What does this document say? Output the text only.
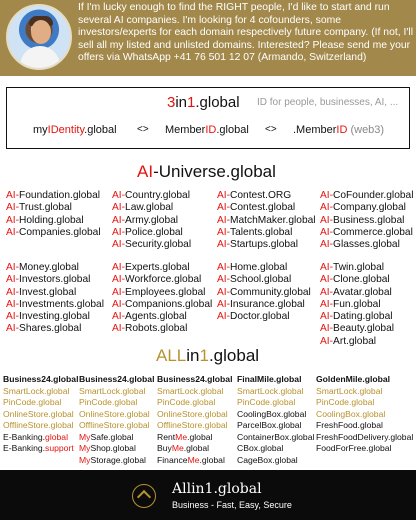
If I'm lucky enough to find the RIGHT people, I'd like to start and run several AI companies. I'm looking for 4 cofounders, some investors/experts for each domain respectively future company. (If not, I'll sell all my listed and unlisted domains. Interested? Please send me your offers via WhatsApp +41 76 501 12 07 (Armando, Switzerland)
3in1.global ID for people, businesses, AI, ...
myIDentity.global <> MemberID.global <> .MemberID (web3)
AI-Universe.global
AI-Foundation.global
AI-Trust.global
AI-Holding.global
AI-Companies.global
AI-Country.global
AI-Law.global
AI-Army.global
AI-Police.global
AI-Security.global
AI-Contest.ORG
AI-Contest.global
AI-MatchMaker.global
AI-Talents.global
AI-Startups.global
AI-CoFounder.global
AI-Company.global
AI-Business.global
AI-Commerce.global
AI-Glasses.global
AI-Money.global
AI-Investors.global
AI-Invest.global
AI-Investments.global
AI-Investing.global
AI-Shares.global
AI-Experts.global
AI-Workforce.global
AI-Employees.global
AI-Companions.global
AI-Agents.global
AI-Robots.global
AI-Home.global
AI-School.global
AI-Community.global
AI-Insurance.global
AI-Doctor.global
AI-Twin.global
AI-Clone.global
AI-Avatar.global
AI-Fun.global
AI-Dating.global
AI-Beauty.global
AI-Art.global
ALLin1.global
Business24.global
SmartLock.global
PinCode.global
OnlineStore.global
OfflineStore.global
E-Banking.global
E-Banking.support
Business24.global
SmartLock.global
PinCode.global
OnlineStore.global
OfflineStore.global
MySafe.global
MyShop.global
MyStorage.global
Business24.global
SmartLock.global
PinCode.global
OnlineStore.global
OfflineStore.global
RentMe.global
BuyMe.global
FinanceMe.global
FinalMile.global
SmartLock.global
PinCode.global
CoolingBox.global
ParcelBox.global
ContainerBox.global
CBox.global
CageBox.global
GoldenMile.global
SmartLock.global
PinCode.global
CoolingBox.global
FreshFood.global
FreshFoodDelivery.global
FoodForFree.global
Allin1.global
Business - Fast, Easy, Secure
